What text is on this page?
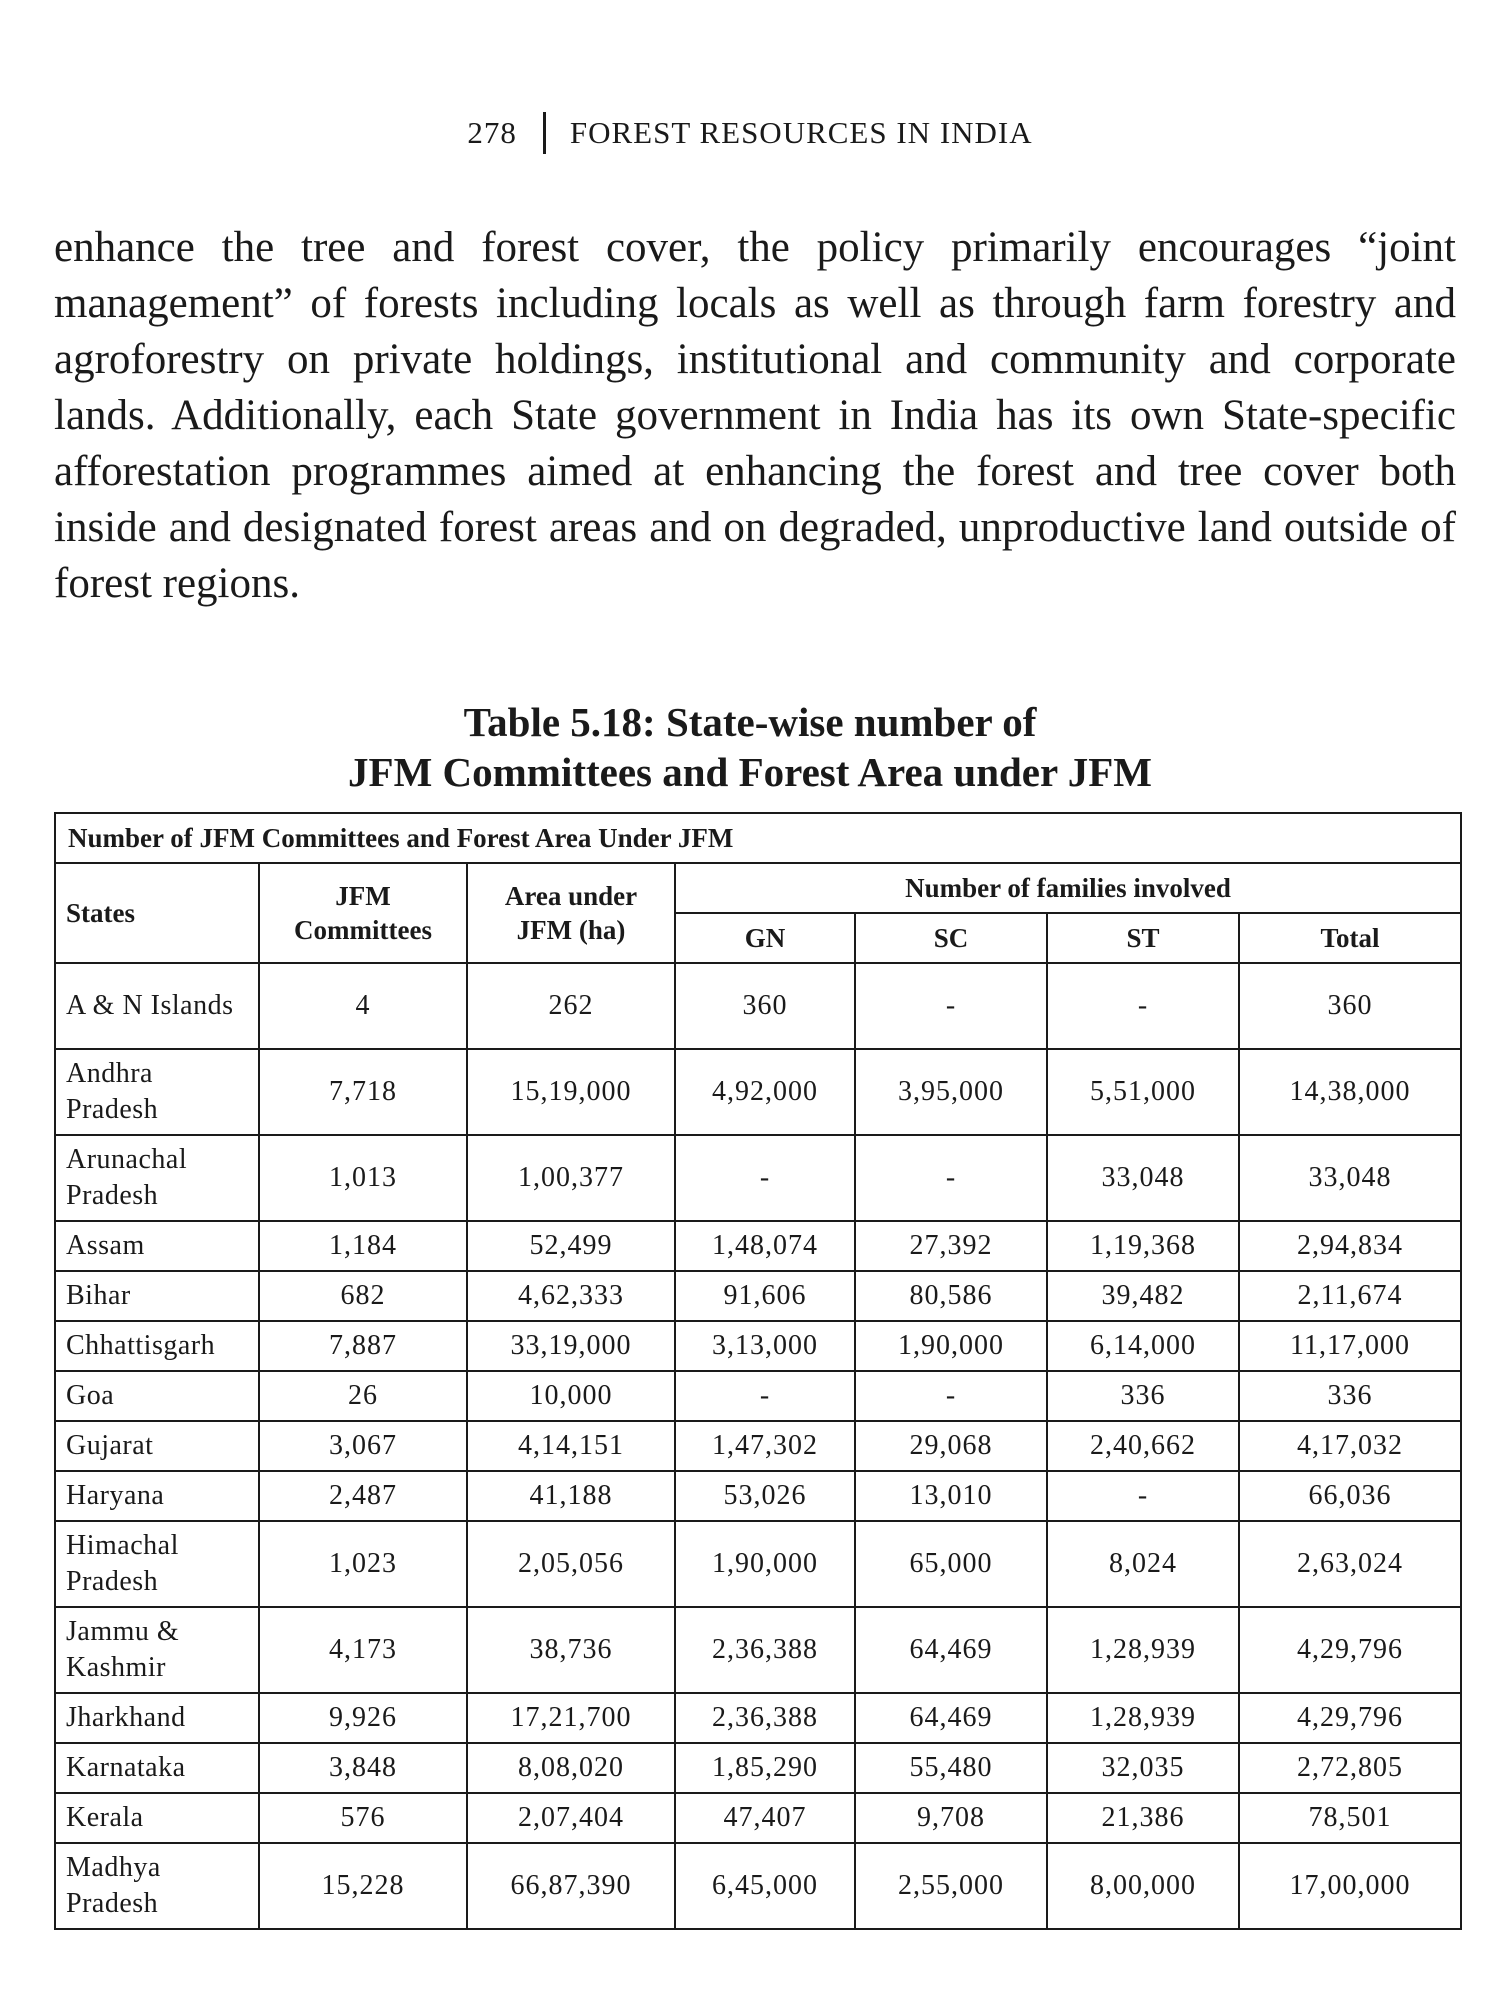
278 FOREST RESOURCES IN INDIA
enhance the tree and forest cover, the policy primarily encourages “joint management” of forests including locals as well as through farm forestry and agroforestry on private holdings, institutional and community and corporate lands. Additionally, each State government in India has its own State-specific afforestation programmes aimed at enhancing the forest and tree cover both inside and designated forest areas and on degraded, unproductive land outside of forest regions.
Table 5.18: State-wise number of
JFM Committees and Forest Area under JFM
Number of JFM Committees and Forest Area Under JFM						
States	JFM Committees	Area under JFM (ha)	Number of families involved			
			GN	SC	ST	Total
A & N Islands	4	262	360	-	-	360
Andhra Pradesh	7,718	15,19,000	4,92,000	3,95,000	5,51,000	14,38,000
Arunachal Pradesh	1,013	1,00,377	-	-	33,048	33,048
Assam	1,184	52,499	1,48,074	27,392	1,19,368	2,94,834
Bihar	682	4,62,333	91,606	80,586	39,482	2,11,674
Chhattisgarh	7,887	33,19,000	3,13,000	1,90,000	6,14,000	11,17,000
Goa	26	10,000	-	-	336	336
Gujarat	3,067	4,14,151	1,47,302	29,068	2,40,662	4,17,032
Haryana	2,487	41,188	53,026	13,010	-	66,036
Himachal Pradesh	1,023	2,05,056	1,90,000	65,000	8,024	2,63,024
Jammu & Kashmir	4,173	38,736	2,36,388	64,469	1,28,939	4,29,796
Jharkhand	9,926	17,21,700	2,36,388	64,469	1,28,939	4,29,796
Karnataka	3,848	8,08,020	1,85,290	55,480	32,035	2,72,805
Kerala	576	2,07,404	47,407	9,708	21,386	78,501
Madhya Pradesh	15,228	66,87,390	6,45,000	2,55,000	8,00,000	17,00,000
